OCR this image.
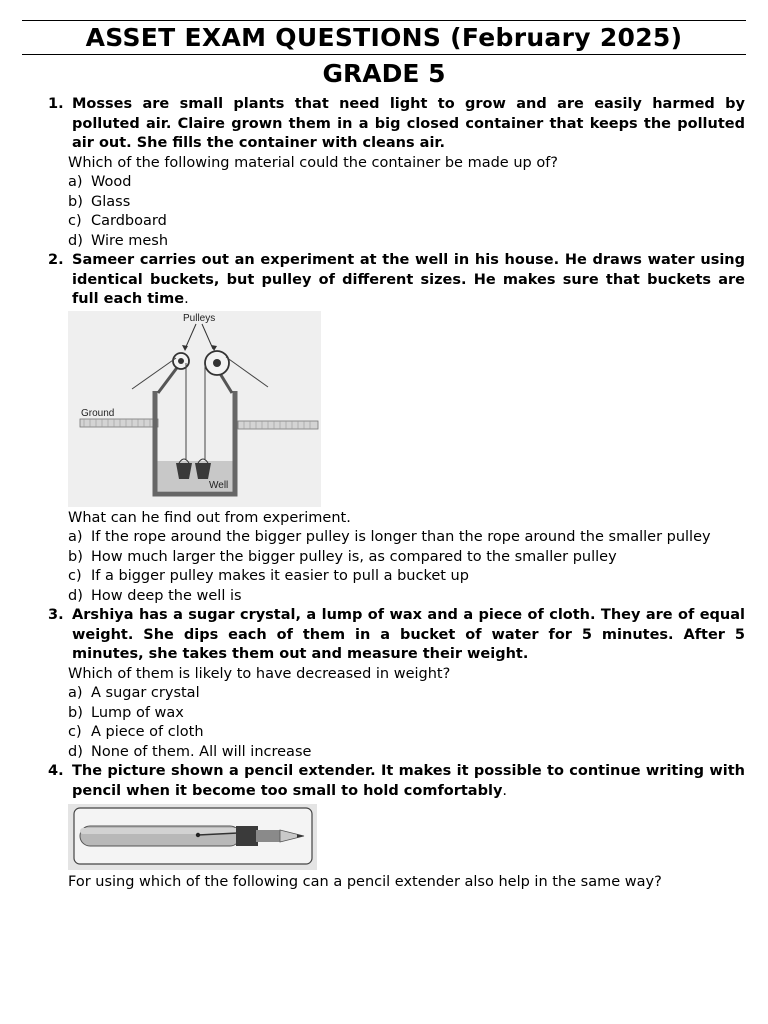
ASSET EXAM QUESTIONS (February 2025)
GRADE 5
1. Mosses are small plants that need light to grow and are easily harmed by polluted air. Claire grown them in a big closed container that keeps the polluted air out. She fills the container with cleans air.
Which of the following material could the container be made up of?
a) Wood
b) Glass
c) Cardboard
d) Wire mesh
2. Sameer carries out an experiment at the well in his house. He draws water using identical buckets, but pulley of different sizes. He makes sure that buckets are full each time.
Pulleys
Ground
Well
What can he find out from experiment.
a) If the rope around the bigger pulley is longer than the rope around the smaller pulley
b) How much larger the bigger pulley is, as compared to the smaller pulley
c) If a bigger pulley makes it easier to pull a bucket up
d) How deep the well is
3. Arshiya has a sugar crystal, a lump of wax and a piece of cloth. They are of equal weight. She dips each of them in a bucket of water for 5 minutes. After 5 minutes, she takes them out and measure their weight.
Which of them is likely to have decreased in weight?
a) A sugar crystal
b) Lump of wax
c) A piece of cloth
d) None of them. All will increase
4. The picture shown a pencil extender. It makes it possible to continue writing with pencil when it become too small to hold comfortably.
For using which of the following can a pencil extender also help in the same way?
